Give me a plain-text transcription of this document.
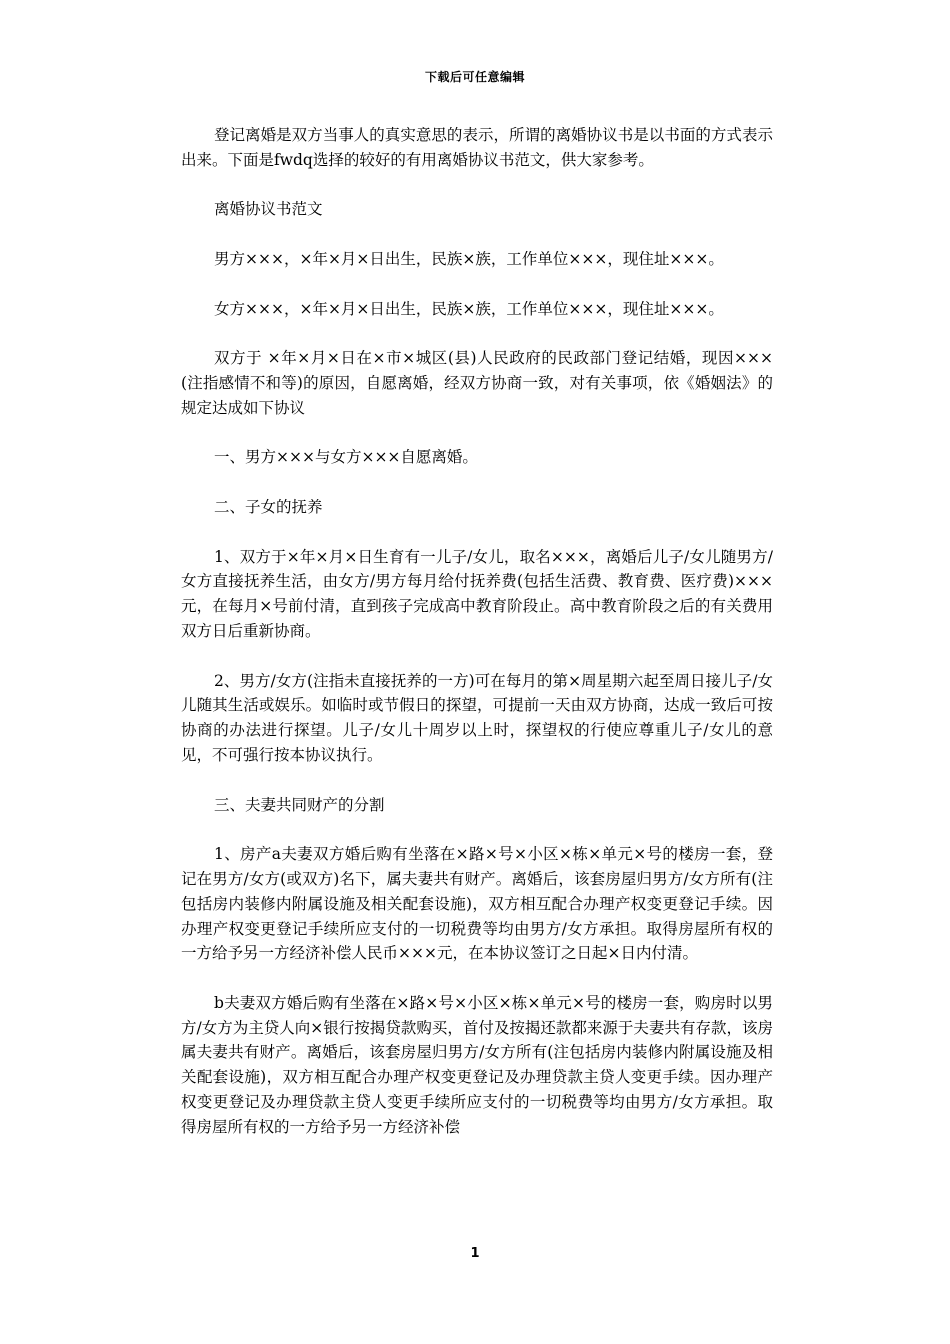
下载后可任意编辑

登记离婚是双方当事人的真实意思的表示，所谓的离婚协议书是以书面的方式表示出来。下面是fwdq选择的较好的有用离婚协议书范文，供大家参考。

离婚协议书范文

男方×××，×年×月×日出生，民族×族，工作单位×××，现住址×××。

女方×××，×年×月×日出生，民族×族，工作单位×××，现住址×××。

双方于 ×年×月×日在×市×城区(县)人民政府的民政部门登记结婚，现因×××(注指感情不和等)的原因，自愿离婚，经双方协商一致，对有关事项，依《婚姻法》的规定达成如下协议

一、男方×××与女方×××自愿离婚。

二、子女的抚养

1、双方于×年×月×日生育有一儿子/女儿，取名×××，离婚后儿子/女儿随男方/女方直接抚养生活，由女方/男方每月给付抚养费(包括生活费、教育费、医疗费)×××元，在每月×号前付清，直到孩子完成高中教育阶段止。高中教育阶段之后的有关费用双方日后重新协商。

2、男方/女方(注指未直接抚养的一方)可在每月的第×周星期六起至周日接儿子/女儿随其生活或娱乐。如临时或节假日的探望，可提前一天由双方协商，达成一致后可按协商的办法进行探望。儿子/女儿十周岁以上时，探望权的行使应尊重儿子/女儿的意见，不可强行按本协议执行。

三、夫妻共同财产的分割

1、房产a夫妻双方婚后购有坐落在×路×号×小区×栋×单元×号的楼房一套，登记在男方/女方(或双方)名下，属夫妻共有财产。离婚后，该套房屋归男方/女方所有(注包括房内装修内附属设施及相关配套设施)，双方相互配合办理产权变更登记手续。因办理产权变更登记手续所应支付的一切税费等均由男方/女方承担。取得房屋所有权的一方给予另一方经济补偿人民币×××元，在本协议签订之日起×日内付清。

b夫妻双方婚后购有坐落在×路×号×小区×栋×单元×号的楼房一套，购房时以男方/女方为主贷人向×银行按揭贷款购买，首付及按揭还款都来源于夫妻共有存款，该房属夫妻共有财产。离婚后，该套房屋归男方/女方所有(注包括房内装修内附属设施及相关配套设施)，双方相互配合办理产权变更登记及办理贷款主贷人变更手续。因办理产权变更登记及办理贷款主贷人变更手续所应支付的一切税费等均由男方/女方承担。取得房屋所有权的一方给予另一方经济补偿

1
